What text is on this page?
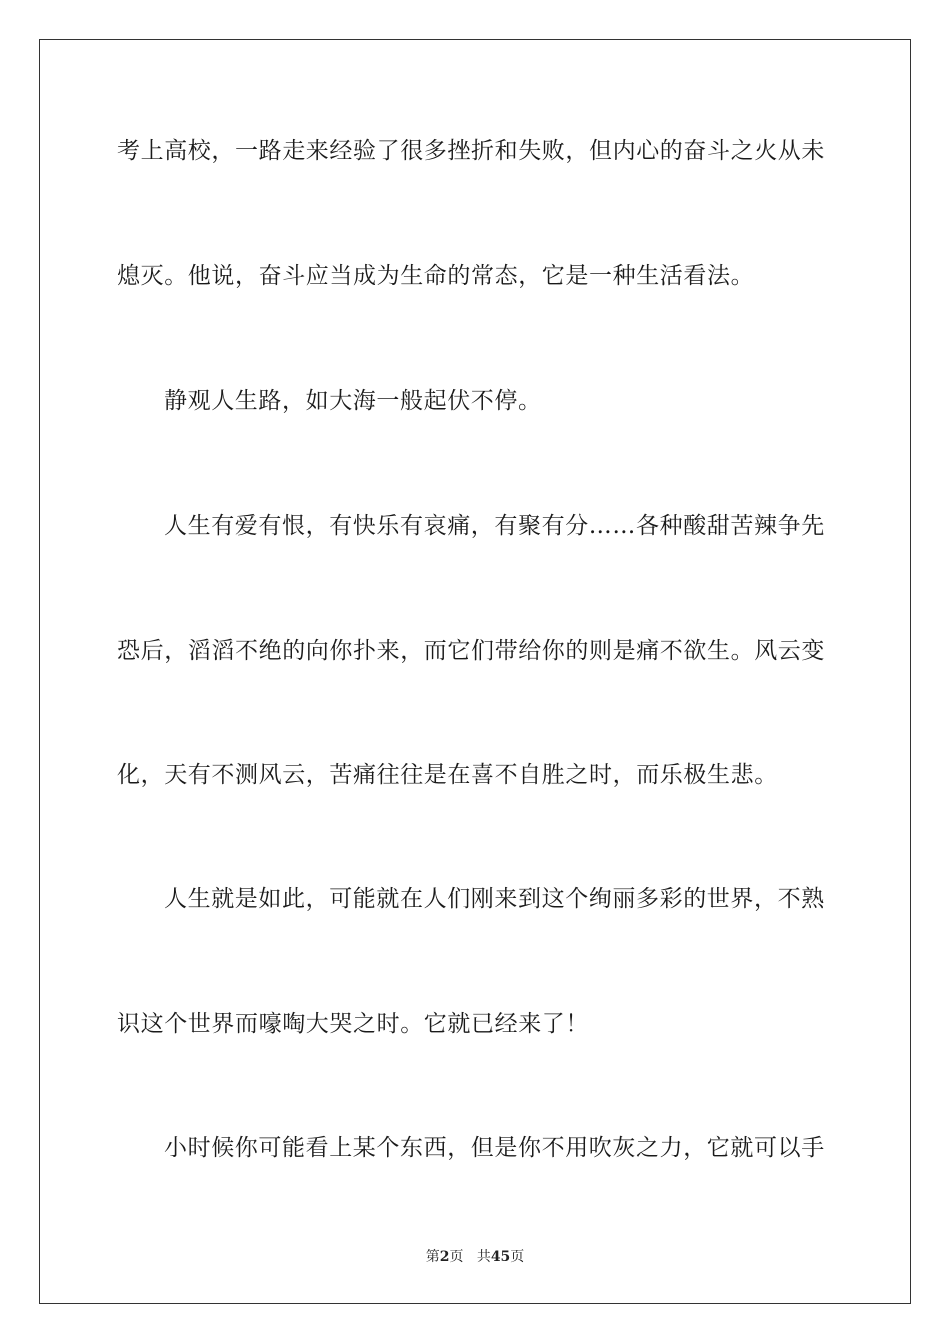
考上高校，一路走来经验了很多挫折和失败，但内心的奋斗之火从未
熄灭。他说，奋斗应当成为生命的常态，它是一种生活看法。
静观人生路，如大海一般起伏不停。
人生有爱有恨，有快乐有哀痛，有聚有分……各种酸甜苦辣争先
恐后，滔滔不绝的向你扑来，而它们带给你的则是痛不欲生。风云变
化，天有不测风云，苦痛往往是在喜不自胜之时，而乐极生悲。
人生就是如此，可能就在人们刚来到这个绚丽多彩的世界，不熟
识这个世界而嚎啕大哭之时。它就已经来了！
小时候你可能看上某个东西，但是你不用吹灰之力，它就可以手
第2页 共45页
